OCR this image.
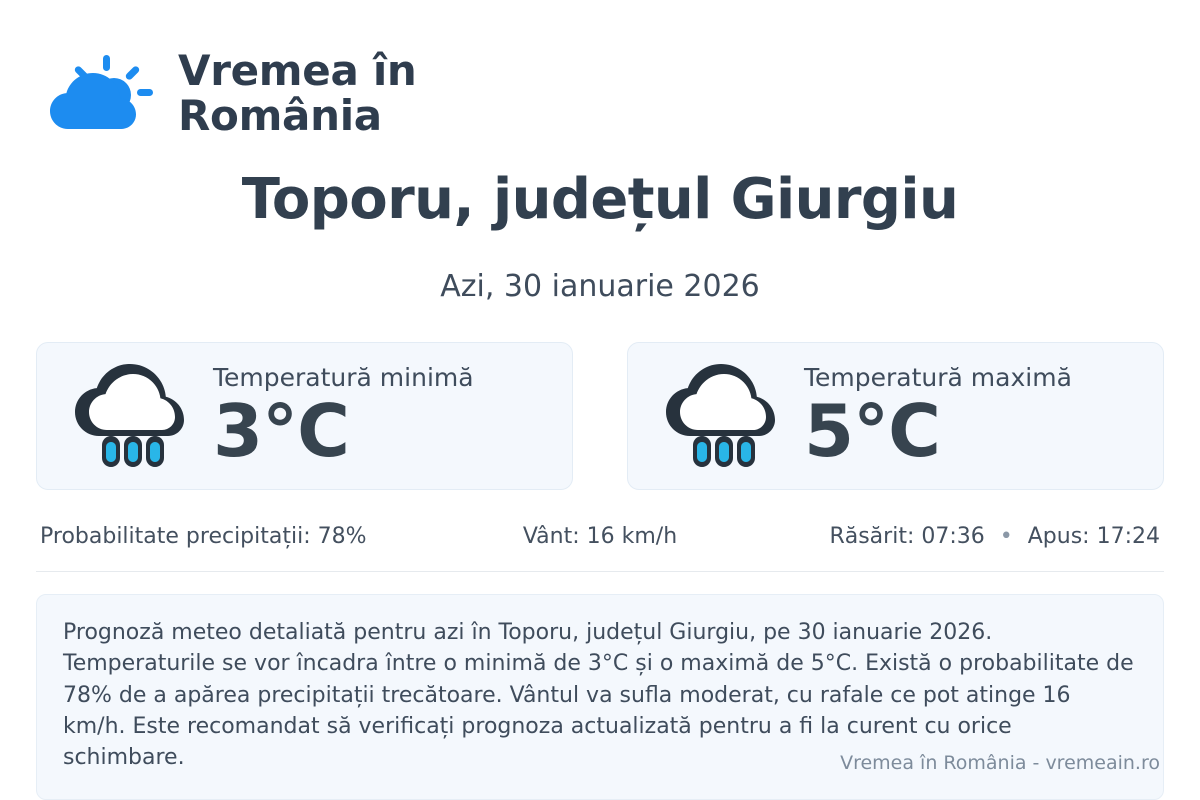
Vremea în
România
Toporu, județul Giurgiu
Azi, 30 ianuarie 2026
Temperatură minimă
3°C
Temperatură maximă
5°C
Probabilitate precipitații: 78%	Vânt: 16 km/h	Răsărit: 07:36 • Apus: 17:24
Prognoză meteo detaliată pentru azi în Toporu, județul Giurgiu, pe 30 ianuarie 2026. Temperaturile se vor încadra între o minimă de 3°C și o maximă de 5°C. Există o probabilitate de 78% de a apărea precipitații trecătoare. Vântul va sufla moderat, cu rafale ce pot atinge 16 km/h. Este recomandat să verificați prognoza actualizată pentru a fi la curent cu orice schimbare.	Vremea în România - vremeain.ro
